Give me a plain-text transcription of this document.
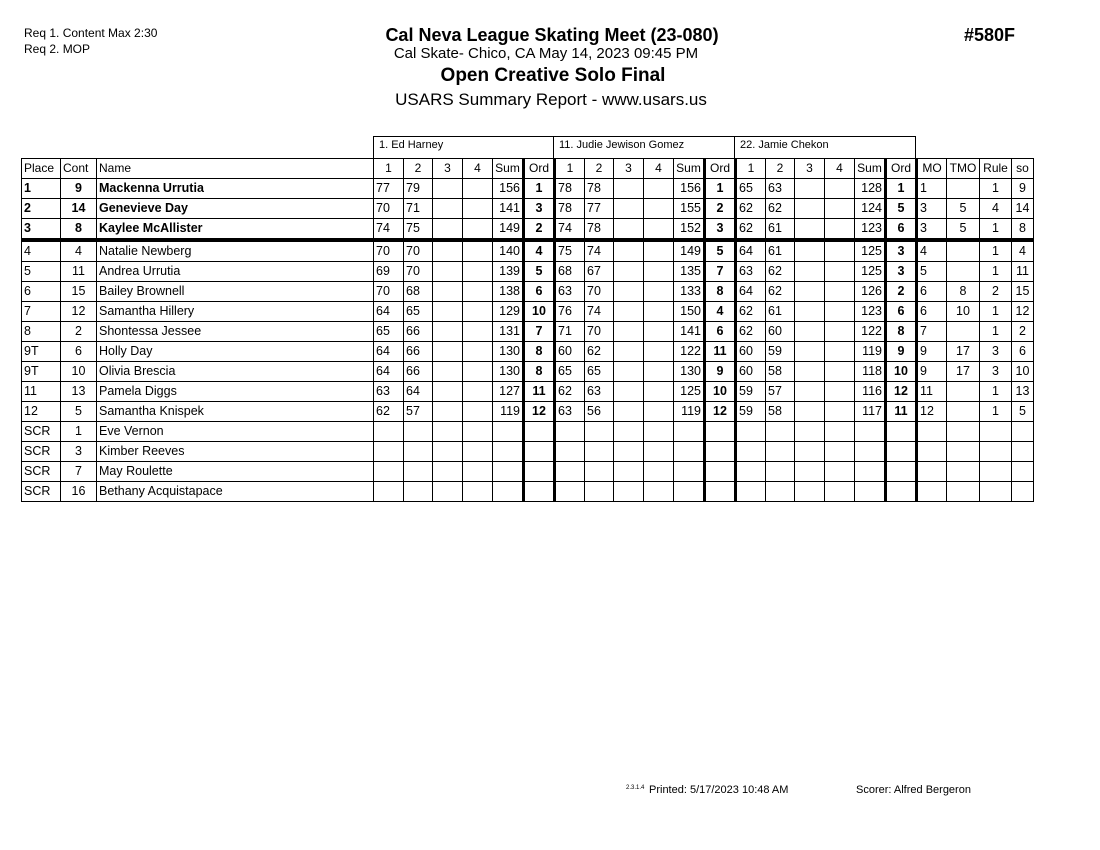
Req 1. Content Max 2:30
Req 2. MOP
Cal Neva League Skating Meet (23-080)
Cal Skate- Chico, CA May 14, 2023 09:45 PM
Open Creative Solo Final
USARS Summary Report - www.usars.us
#580F
1. Ed Harney	11. Judie Jewison Gomez	22. Jamie Chekon
Place	Cont	Name	1	2	3	4	Sum	Ord	1	2	3	4	Sum	Ord	1	2	3	4	Sum	Ord	MO	TMO	Rule	so
1	9	Mackenna Urrutia	77	79			156	1	78	78			156	1	65	63			128	1	1		1	9
2	14	Genevieve Day	70	71			141	3	78	77			155	2	62	62			124	5	3	5	4	14
3	8	Kaylee McAllister	74	75			149	2	74	78			152	3	62	61			123	6	3	5	1	8
4	4	Natalie Newberg	70	70			140	4	75	74			149	5	64	61			125	3	4		1	4
5	11	Andrea Urrutia	69	70			139	5	68	67			135	7	63	62			125	3	5		1	11
6	15	Bailey Brownell	70	68			138	6	63	70			133	8	64	62			126	2	6	8	2	15
7	12	Samantha Hillery	64	65			129	10	76	74			150	4	62	61			123	6	6	10	1	12
8	2	Shontessa Jessee	65	66			131	7	71	70			141	6	62	60			122	8	7		1	2
9T	6	Holly Day	64	66			130	8	60	62			122	11	60	59			119	9	9	17	3	6
9T	10	Olivia Brescia	64	66			130	8	65	65			130	9	60	58			118	10	9	17	3	10
11	13	Pamela Diggs	63	64			127	11	62	63			125	10	59	57			116	12	11		1	13
12	5	Samantha Knispek	62	57			119	12	63	56			119	12	59	58			117	11	12		1	5
SCR	1	Eve Vernon																						
SCR	3	Kimber Reeves																						
SCR	7	May Roulette																						
SCR	16	Bethany Acquistapace																						
2.3.1.4 Printed: 5/17/2023 10:48 AM	Scorer: Alfred Bergeron
